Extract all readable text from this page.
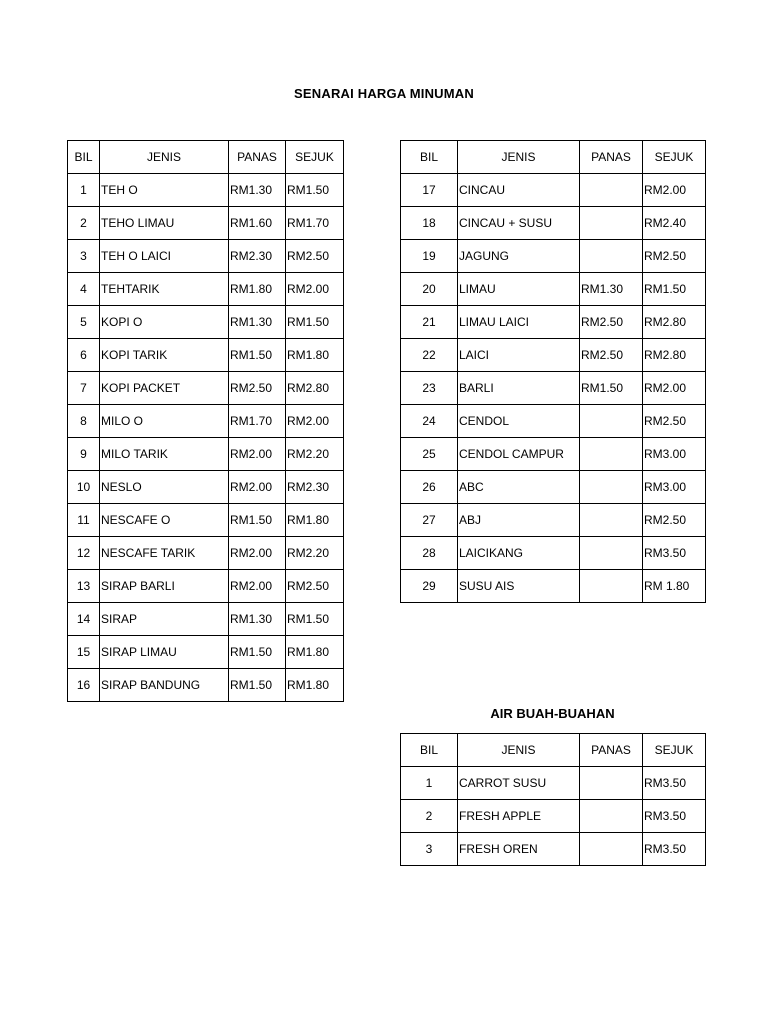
SENARAI HARGA MINUMAN
BIL	JENIS	PANAS	SEJUK
1	TEH O	RM1.30	RM1.50
2	TEHO LIMAU	RM1.60	RM1.70
3	TEH O LAICI	RM2.30	RM2.50
4	TEHTARIK	RM1.80	RM2.00
5	KOPI O	RM1.30	RM1.50
6	KOPI TARIK	RM1.50	RM1.80
7	KOPI PACKET	RM2.50	RM2.80
8	MILO O	RM1.70	RM2.00
9	MILO TARIK	RM2.00	RM2.20
10	NESLO	RM2.00	RM2.30
11	NESCAFE O	RM1.50	RM1.80
12	NESCAFE TARIK	RM2.00	RM2.20
13	SIRAP BARLI	RM2.00	RM2.50
14	SIRAP	RM1.30	RM1.50
15	SIRAP LIMAU	RM1.50	RM1.80
16	SIRAP BANDUNG	RM1.50	RM1.80
BIL	JENIS	PANAS	SEJUK
17	CINCAU		RM2.00
18	CINCAU + SUSU		RM2.40
19	JAGUNG		RM2.50
20	LIMAU	RM1.30	RM1.50
21	LIMAU LAICI	RM2.50	RM2.80
22	LAICI	RM2.50	RM2.80
23	BARLI	RM1.50	RM2.00
24	CENDOL		RM2.50
25	CENDOL CAMPUR		RM3.00
26	ABC		RM3.00
27	ABJ		RM2.50
28	LAICIKANG		RM3.50
29	SUSU AIS		RM 1.80
AIR BUAH-BUAHAN
BIL	JENIS	PANAS	SEJUK
1	CARROT SUSU		RM3.50
2	FRESH APPLE		RM3.50
3	FRESH OREN		RM3.50
